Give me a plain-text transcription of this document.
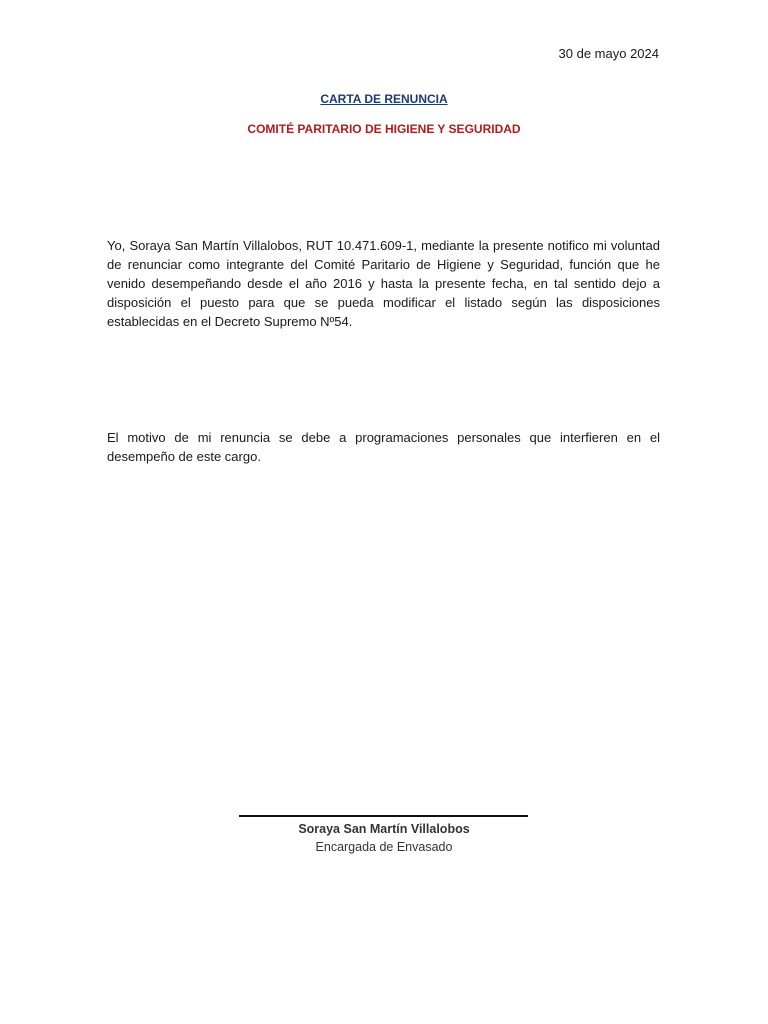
30 de mayo 2024
CARTA DE RENUNCIA
COMITÉ PARITARIO DE HIGIENE Y SEGURIDAD

Yo, Soraya San Martín Villalobos, RUT 10.471.609-1, mediante la presente notifico mi voluntad de renunciar como integrante del Comité Paritario de Higiene y Seguridad, función que he venido desempeñando desde el año 2016 y hasta la presente fecha, en tal sentido dejo a disposición el puesto para que se pueda modificar el listado según las disposiciones establecidas en el Decreto Supremo Nº54.

El motivo de mi renuncia se debe a programaciones personales que interfieren en el desempeño de este cargo.

Soraya San Martín Villalobos
Encargada de Envasado
